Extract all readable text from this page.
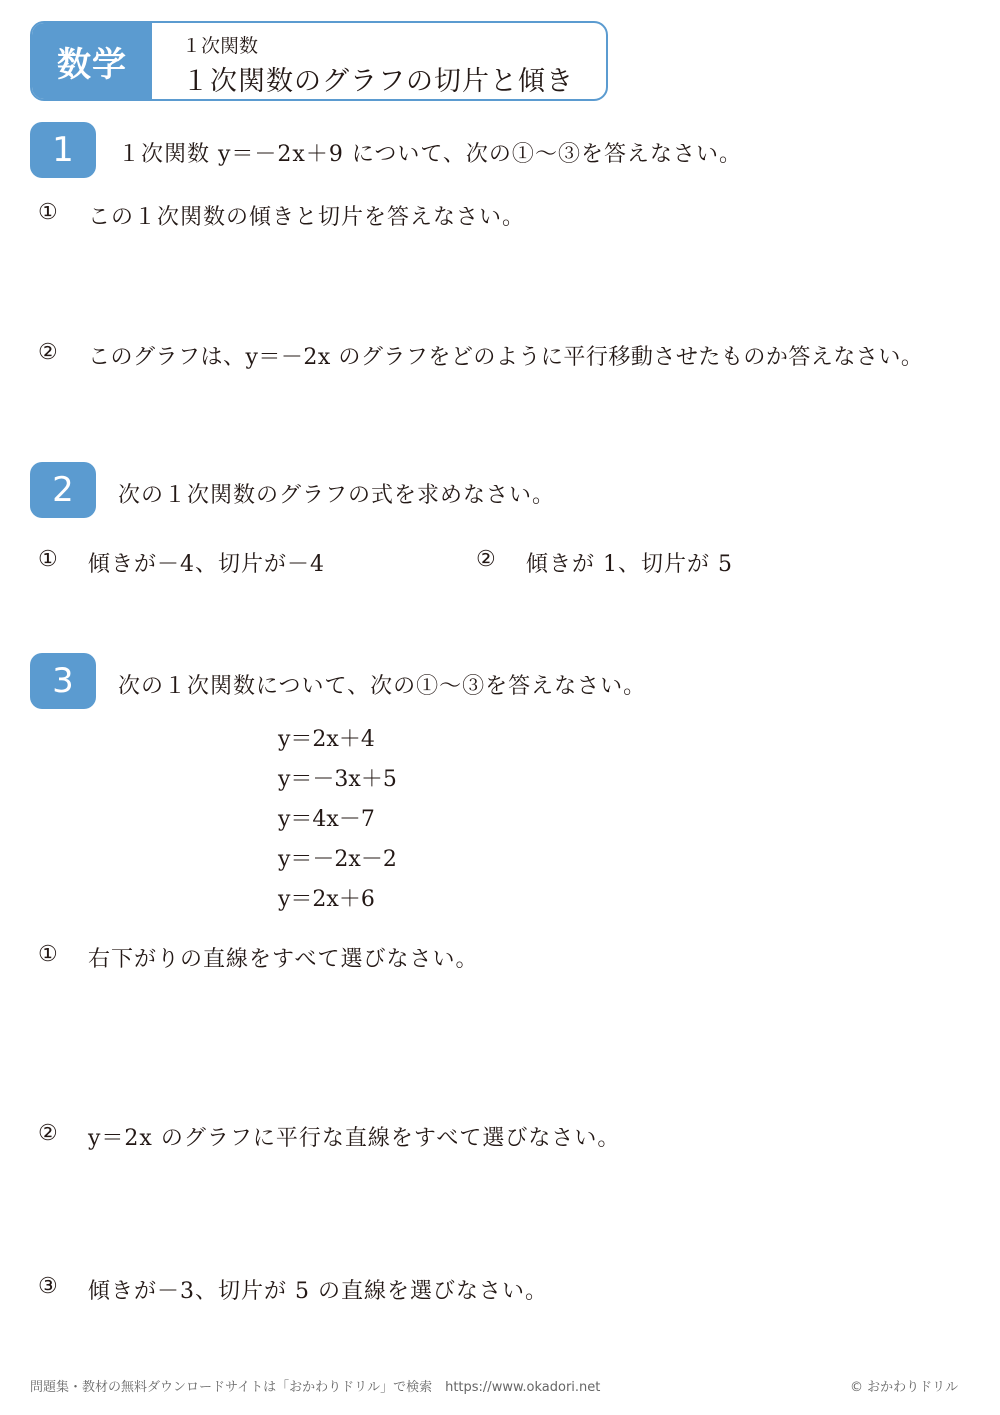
数学	１次関数
１次関数のグラフの切片と傾き
1	１次関数 y＝－2x＋9 について、次の①～③を答えなさい。
① この１次関数の傾きと切片を答えなさい。
② このグラフは、y＝－2x のグラフをどのように平行移動させたものか答えなさい。
2	次の１次関数のグラフの式を求めなさい。
① 傾きが－4、切片が－4	② 傾きが 1、切片が 5
3	次の１次関数について、次の①～③を答えなさい。
y＝2x＋4
y＝－3x＋5
y＝4x－7
y＝－2x－2
y＝2x＋6
① 右下がりの直線をすべて選びなさい。
② y＝2x のグラフに平行な直線をすべて選びなさい。
③ 傾きが－3、切片が 5 の直線を選びなさい。
問題集・教材の無料ダウンロードサイトは「おかわりドリル」で検索　https://www.okadori.net	© おかわりドリル
